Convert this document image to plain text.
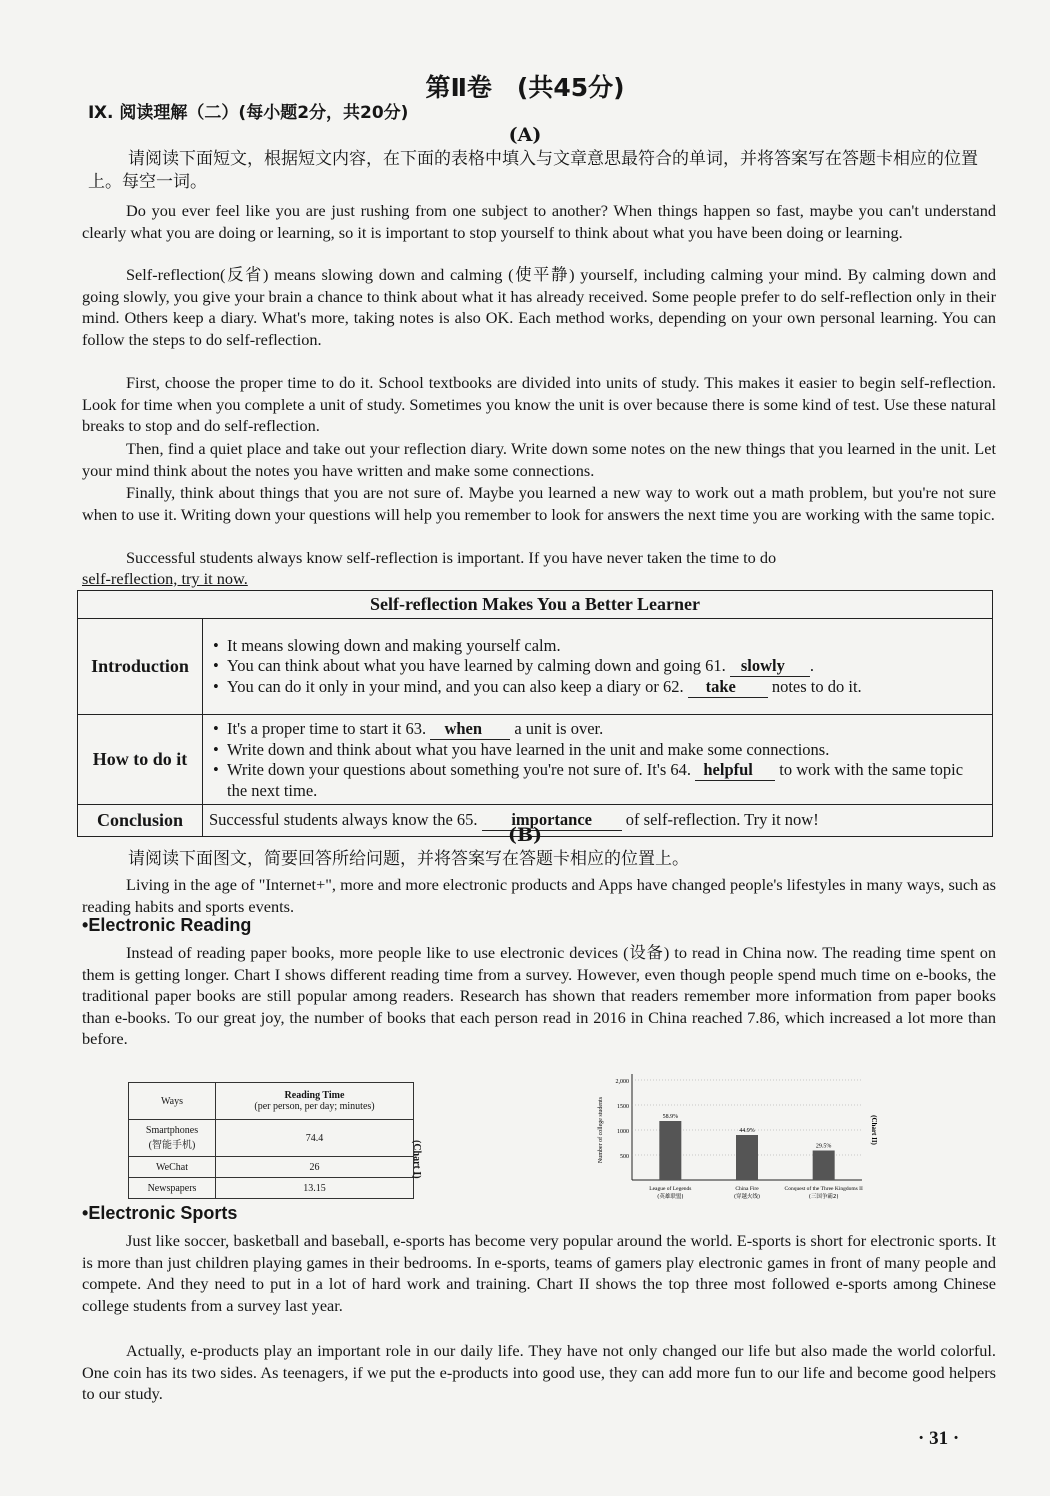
第Ⅱ卷　(共45分)
Ⅸ. 阅读理解（二）(每小题2分，共20分)
(A)
请阅读下面短文，根据短文内容，在下面的表格中填入与文章意思最符合的单词，并将答案写在答题卡相应的位置上。每空一词。
Do you ever feel like you are just rushing from one subject to another? When things happen so fast, maybe you can't understand clearly what you are doing or learning, so it is important to stop yourself to think about what you have been doing or learning.
Self-reflection(反省) means slowing down and calming (使平静) yourself, including calming your mind. By calming down and going slowly, you give your brain a chance to think about what it has already received. Some people prefer to do self-reflection only in their mind. Others keep a diary. What's more, taking notes is also OK. Each method works, depending on your own personal learning. You can follow the steps to do self-reflection.
First, choose the proper time to do it. School textbooks are divided into units of study. This makes it easier to begin self-reflection. Look for time when you complete a unit of study. Sometimes you know the unit is over because there is some kind of test. Use these natural breaks to stop and do self-reflection.
Then, find a quiet place and take out your reflection diary. Write down some notes on the new things that you learned in the unit. Let your mind think about the notes you have written and make some connections.
Finally, think about things that you are not sure of. Maybe you learned a new way to work out a math problem, but you're not sure when to use it. Writing down your questions will help you remember to look for answers the next time you are working with the same topic.
Successful students always know self-reflection is important. If you have never taken the time to do
self-reflection, try it now.
Self-reflection Makes You a Better Learner	
Introduction	• It means slowing down and making yourself calm.
• You can think about what you have learned by calming down and going 61. slowly .
• You can do it only in your mind, and you can also keep a diary or 62. take notes to do it.

How to do it	• It's a proper time to start it 63. when a unit is over.
• Write down and think about what you have learned in the unit and make some connections.
• Write down your questions about something you're not sure of. It's 64. helpful to work with the same topic the next time.

Conclusion	Successful students always know the 65. importance of self-reflection. Try it now!
(B)
请阅读下面图文，简要回答所给问题，并将答案写在答题卡相应的位置上。
Living in the age of "Internet+", more and more electronic products and Apps have changed people's lifestyles in many ways, such as reading habits and sports events.
• Electronic Reading
Instead of reading paper books, more people like to use electronic devices (设备) to read in China now. The reading time spent on them is getting longer. Chart I shows different reading time from a survey. However, even though people spend much time on e-books, the traditional paper books are still popular among readers. Research has shown that readers remember more information from paper books than e-books. To our great joy, the number of books that each person read in 2016 in China reached 7.86, which increased a lot more than before.
Ways	Reading Time
(per person, per day; minutes)
Smartphones
(智能手机)	74.4
WeChat	26
Newspapers	13.15
(Chart I)
2,000
1500
1000
500
Number of college students	58.9%
League of Legends
(英雄联盟)
44.9%
China Fire
(穿越火线)
29.5%
Conquest of the Three Kingdoms II
(三国争霸2)
(Chart II)
• Electronic Sports
Just like soccer, basketball and baseball, e-sports has become very popular around the world. E-sports is short for electronic sports. It is more than just children playing games in their bedrooms. In e-sports, teams of gamers play electronic games in front of many people and compete. And they need to put in a lot of hard work and training. Chart II shows the top three most followed e-sports among Chinese college students from a survey last year.
Actually, e-products play an important role in our daily life. They have not only changed our life but also made the world colorful. One coin has its two sides. As teenagers, if we put the e-products into good use, they can add more fun to our life and become good helpers to our study.
· 31 ·
